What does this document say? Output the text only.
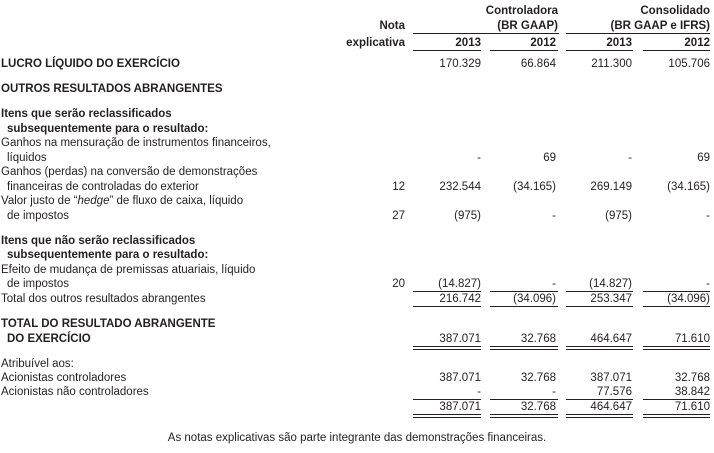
Nota
explicativa
Controladora
(BR GAAP)
Consolidado
(BR GAAP e IFRS)
2013	2012	2013	2012
LUCRO LÍQUIDO DO EXERCÍCIO	170.329	66.864	211.300	105.706
OUTROS RESULTADOS ABRANGENTES
Itens que serão reclassificados
subsequentemente para o resultado:
Ganhos na mensuração de instrumentos financeiros,
líquidos	-	69	-	69
Ganhos (perdas) na conversão de demonstrações
financeiras de controladas do exterior	12	232.544	(34.165)	269.149	(34.165)
Valor justo de “hedge” de fluxo de caixa, líquido
de impostos	27	(975)	-	(975)	-
Itens que não serão reclassificados
subsequentemente para o resultado:
Efeito de mudança de premissas atuariais, líquido
de impostos	20	(14.827)	-	(14.827)	-
Total dos outros resultados abrangentes	216.742	(34.096)	253.347	(34.096)
TOTAL DO RESULTADO ABRANGENTE
DO EXERCÍCIO	387.071	32.768	464.647	71.610
Atribuível aos:
Acionistas controladores	387.071	32.768	387.071	32.768
Acionistas não controladores	-	-	77.576	38.842
387.071	32.768	464.647	71.610
As notas explicativas são parte integrante das demonstrações financeiras.
